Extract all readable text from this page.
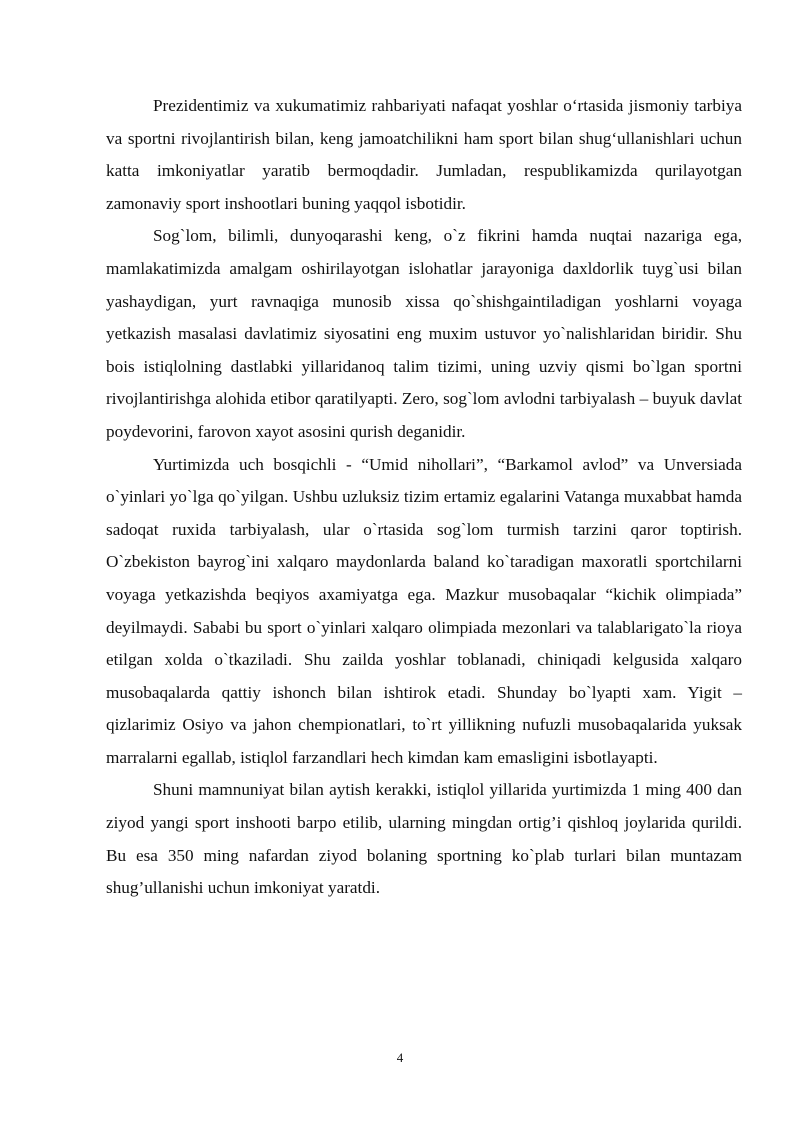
Prezidentimiz va xukumatimiz rahbariyati nafaqat yoshlar o‘rtasida jismoniy tarbiya va sportni rivojlantirish bilan, keng jamoatchilikni ham sport bilan shug‘ullanishlari uchun katta imkoniyatlar yaratib bermoqdadir. Jumladan, respublikamizda qurilayotgan zamonaviy sport inshootlari buning yaqqol isbotidir.

Sog`lom, bilimli, dunyoqarashi keng, o`z fikrini hamda nuqtai nazariga ega, mamlakatimizda amalgam oshirilayotgan islohatlar jarayoniga daxldorlik tuyg`usi bilan yashaydigan, yurt ravnaqiga munosib xissa qo`shishgaintiladigan yoshlarni voyaga yetkazish masalasi davlatimiz siyosatini eng muxim ustuvor yo`nalishlaridan biridir. Shu bois istiqlolning dastlabki yillaridanoq talim tizimi, uning uzviy qismi bo`lgan sportni rivojlantirishga alohida etibor qaratilyapti. Zero, sog`lom avlodni tarbiyalash – buyuk davlat poydevorini, farovon xayot asosini qurish deganidir.

Yurtimizda uch bosqichli - “Umid nihollari”, “Barkamol avlod” va Unversiada o`yinlari yo`lga qo`yilgan. Ushbu uzluksiz tizim ertamiz egalarini Vatanga muxabbat hamda sadoqat ruxida tarbiyalash, ular o`rtasida sog`lom turmish tarzini qaror toptirish. O`zbekiston bayrog`ini xalqaro maydonlarda baland ko`taradigan maxoratli sportchilarni voyaga yetkazishda beqiyos axamiyatga ega. Mazkur musobaqalar “kichik olimpiada” deyilmaydi. Sababi bu sport o`yinlari xalqaro olimpiada mezonlari va talablarigato`la rioya etilgan xolda o`tkaziladi. Shu zailda yoshlar toblanadi, chiniqadi kelgusida xalqaro musobaqalarda qattiy ishonch bilan ishtirok etadi. Shunday bo`lyapti xam. Yigit – qizlarimiz Osiyo va jahon chempionatlari, to`rt yillikning nufuzli musobaqalarida yuksak marralarni egallab, istiqlol farzandlari hech kimdan kam emasligini isbotlayapti.

Shuni mamnuniyat bilan aytish kerakki, istiqlol yillarida yurtimizda 1 ming 400 dan ziyod yangi sport inshooti barpo etilib, ularning mingdan ortig’i qishloq joylarida qurildi. Bu esa 350 ming nafardan ziyod bolaning sportning ko`plab turlari bilan muntazam shug’ullanishi uchun imkoniyat yaratdi.

4
